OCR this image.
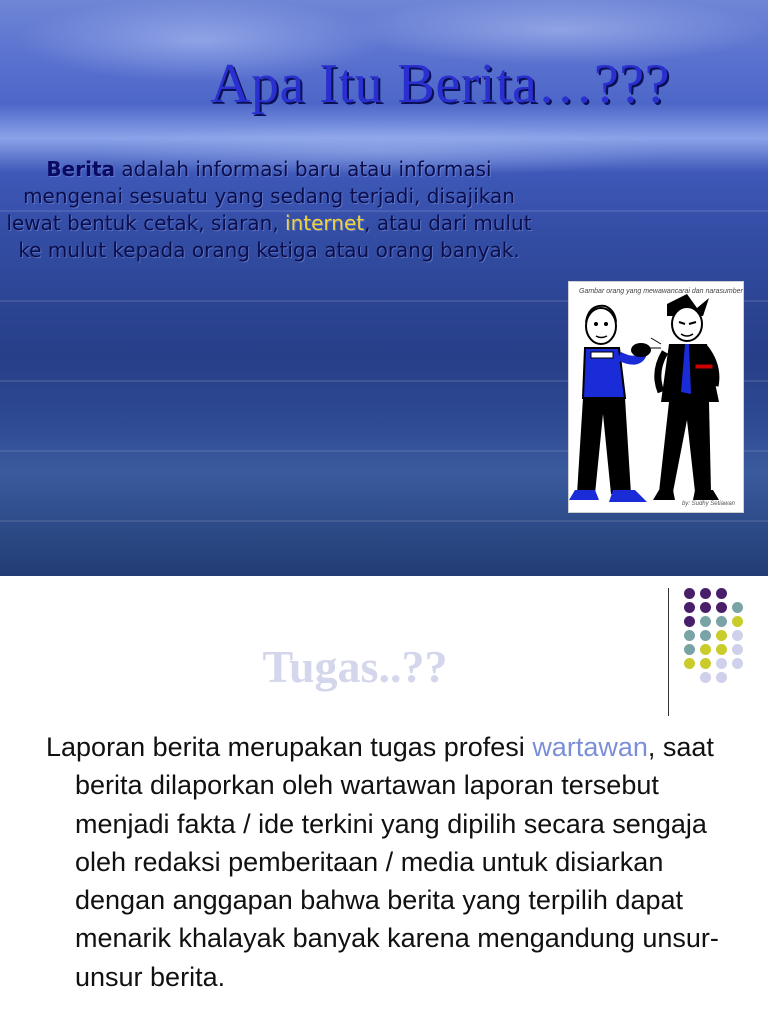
Apa Itu Berita…???
Berita adalah informasi baru atau informasi mengenai sesuatu yang sedang terjadi, disajikan lewat bentuk cetak, siaran, internet, atau dari mulut ke mulut kepada orang ketiga atau orang banyak.
Gambar orang yang mewawancarai dan narasumber
by: Sudhy Setiawan
Tugas..??
Laporan berita merupakan tugas profesi wartawan, saat berita dilaporkan oleh wartawan laporan tersebut menjadi fakta / ide terkini yang dipilih secara sengaja oleh redaksi pemberitaan / media untuk disiarkan dengan anggapan bahwa berita yang terpilih dapat menarik khalayak banyak karena mengandung unsur-unsur berita.
